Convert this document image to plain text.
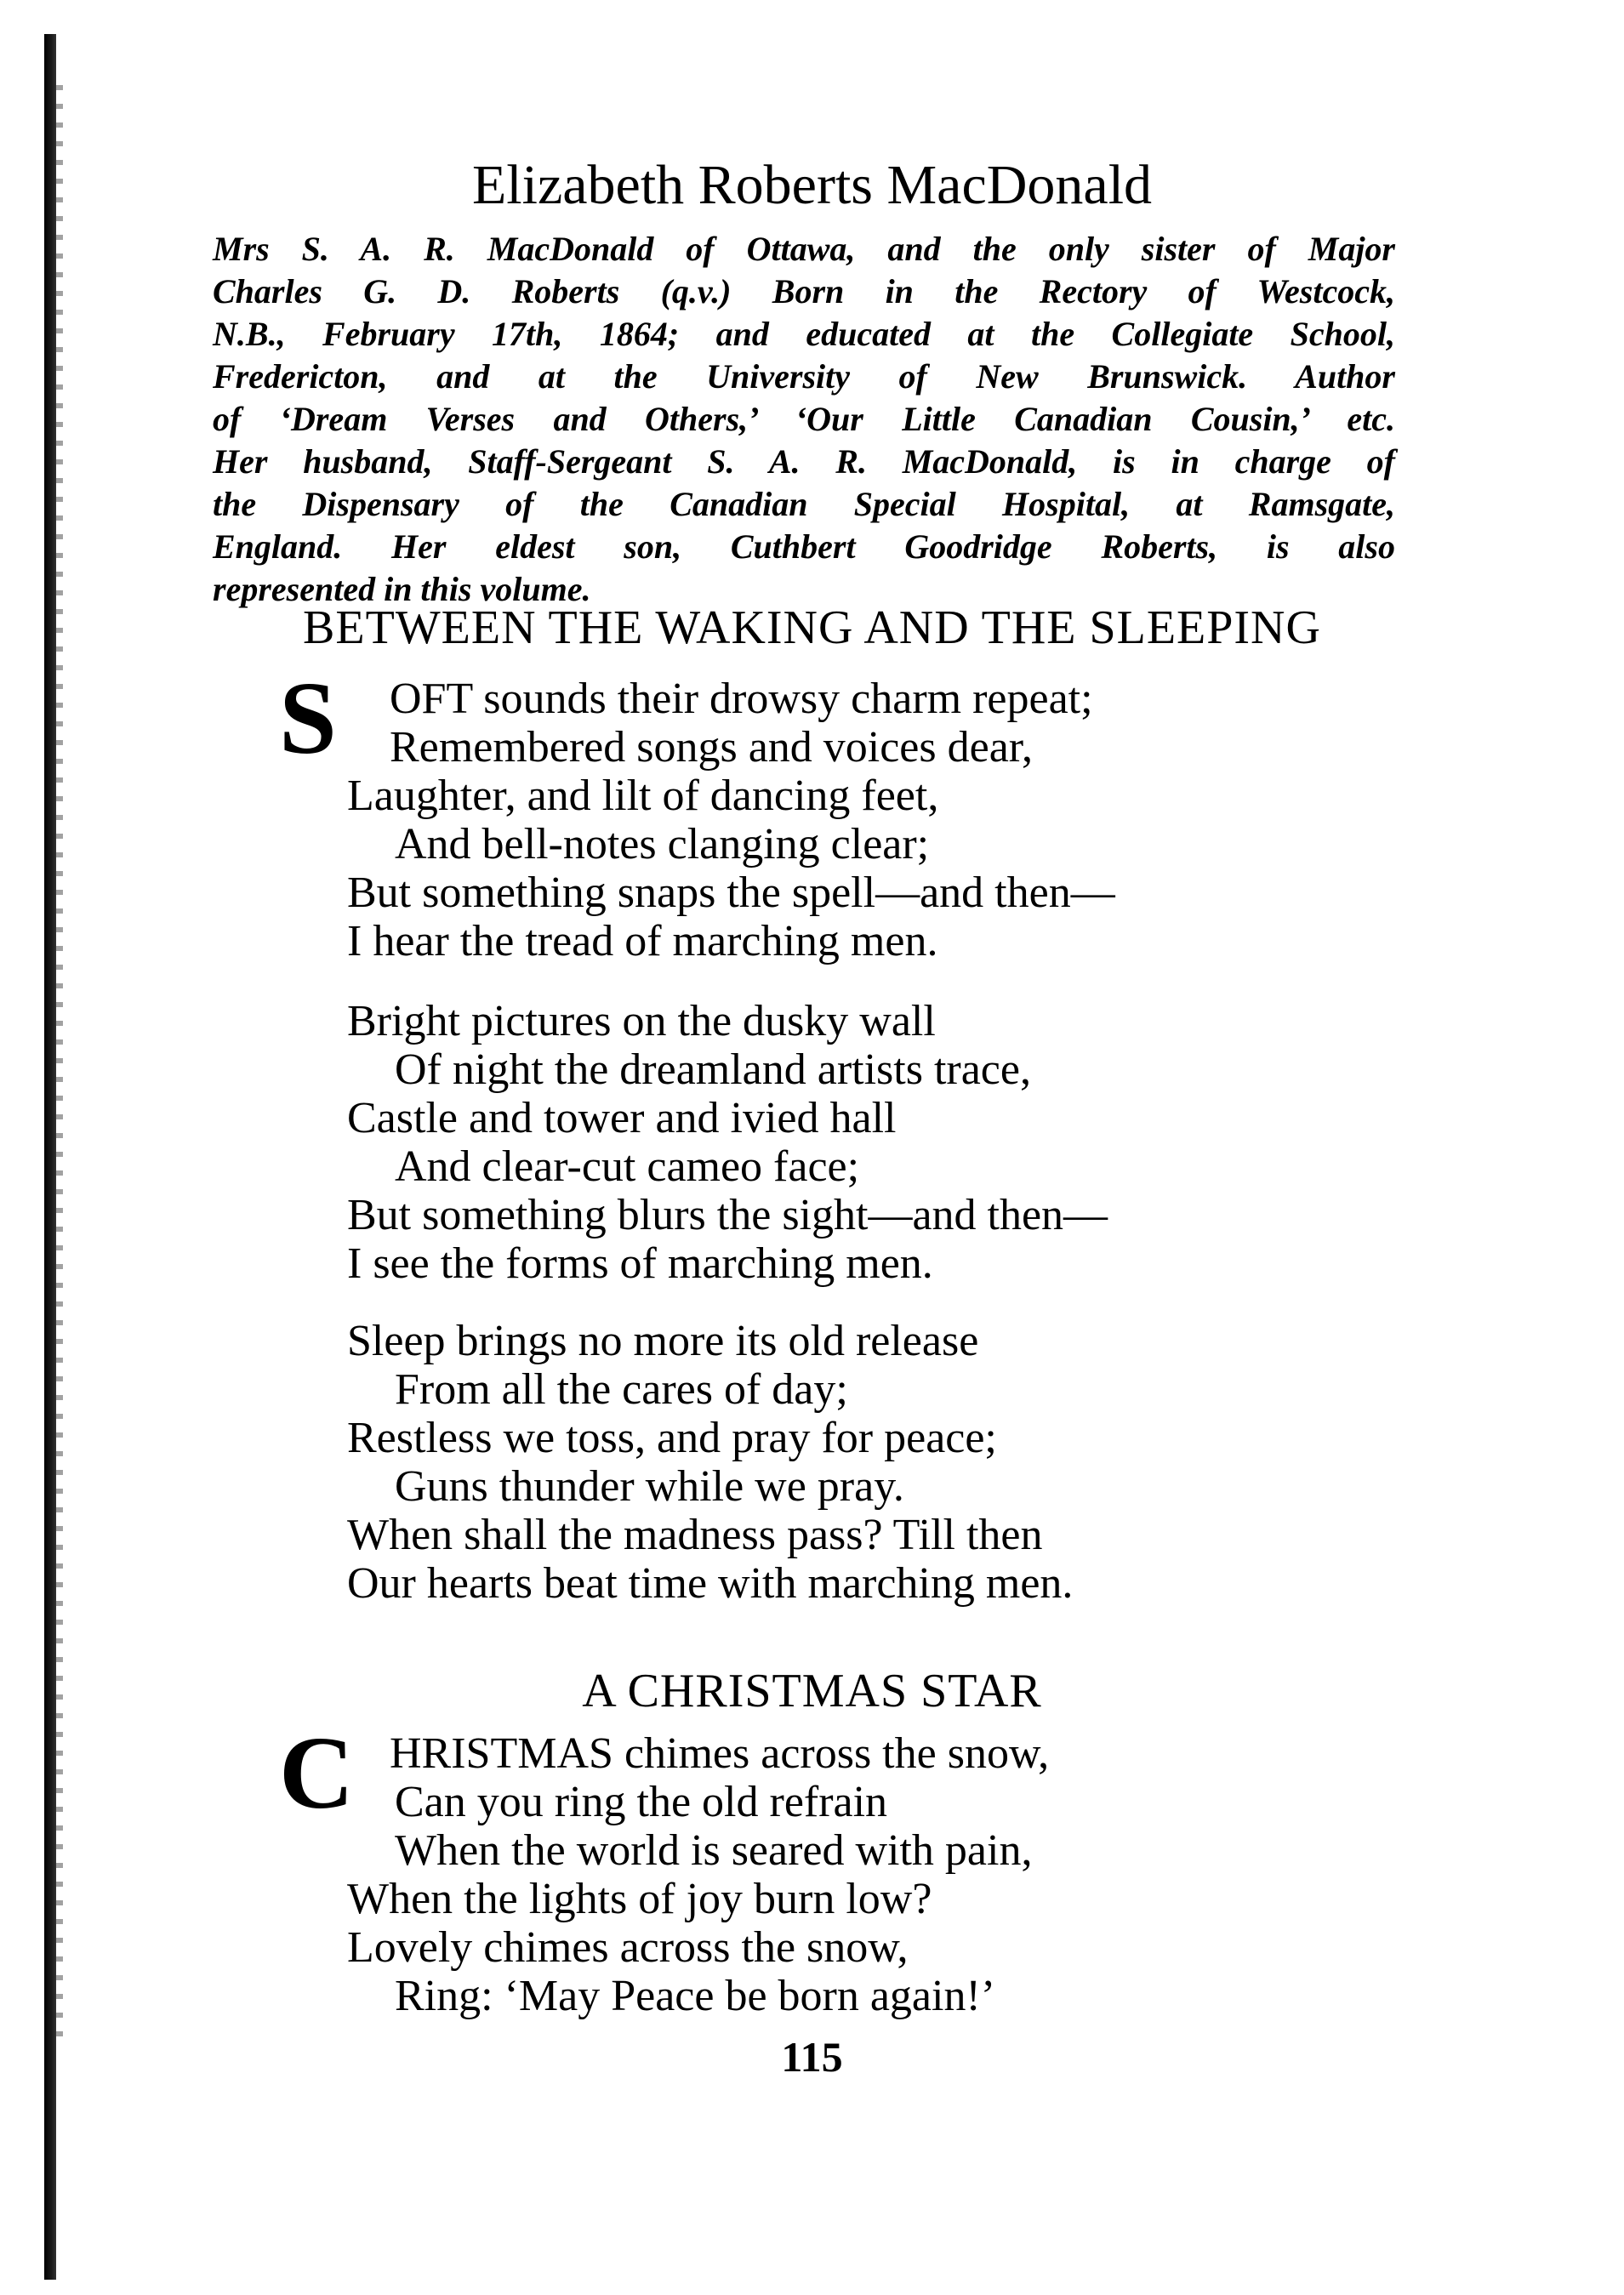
Elizabeth Roberts MacDonald
Mrs S. A. R. MacDonald of Ottawa, and the only sister of Major
Charles G. D. Roberts (q.v.) Born in the Rectory of Westcock,
N.B., February 17th, 1864; and educated at the Collegiate School,
Fredericton, and at the University of New Brunswick. Author
of ‘Dream Verses and Others,’ ‘Our Little Canadian Cousin,’ etc.
Her husband, Staff-Sergeant S. A. R. MacDonald, is in charge of
the Dispensary of the Canadian Special Hospital, at Ramsgate,
England. Her eldest son, Cuthbert Goodridge Roberts, is also
represented in this volume.
BETWEEN THE WAKING AND THE SLEEPING
S	OFT sounds their drowsy charm repeat;
Remembered songs and voices dear,
Laughter, and lilt of dancing feet,
And bell-notes clanging clear;
But something snaps the spell—and then—
I hear the tread of marching men.
Bright pictures on the dusky wall
Of night the dreamland artists trace,
Castle and tower and ivied hall
And clear-cut cameo face;
But something blurs the sight—and then—
I see the forms of marching men.
Sleep brings no more its old release
From all the cares of day;
Restless we toss, and pray for peace;
Guns thunder while we pray.
When shall the madness pass? Till then
Our hearts beat time with marching men.
A CHRISTMAS STAR
C HRISTMAS chimes across the snow,
Can you ring the old refrain
When the world is seared with pain,
When the lights of joy burn low?
Lovely chimes across the snow,
Ring: ‘May Peace be born again!’
115
